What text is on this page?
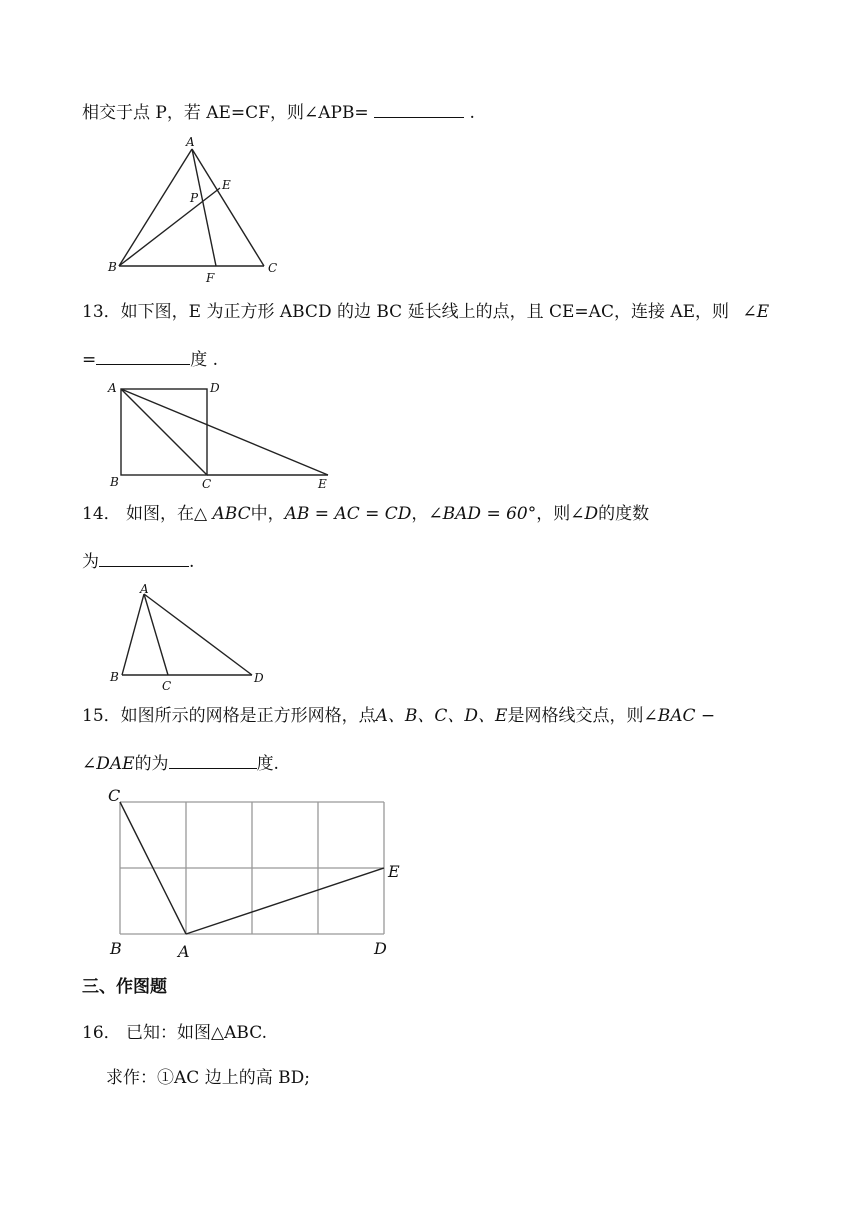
相交于点 P，若 AE=CF，则∠APB=	.
A
B	C
E
F
P
13．如下图，E 为正方形 ABCD 的边 BC 延长线上的点，且 CE=AC，连接 AE，则 ∠E
=	度 .
A	D
B	C	E
14． 如图，在△ ABC中，AB = AC = CD，∠BAD = 60°，则∠D的度数
为	.
A
B
C
D
15．如图所示的网格是正方形网格，点A、B、C、D、E是网格线交点，则∠BAC −
∠DAE的为	度.
C
E
B	A	D
三、作图题
16． 已知：如图△ABC.
求作：①AC 边上的高 BD;
